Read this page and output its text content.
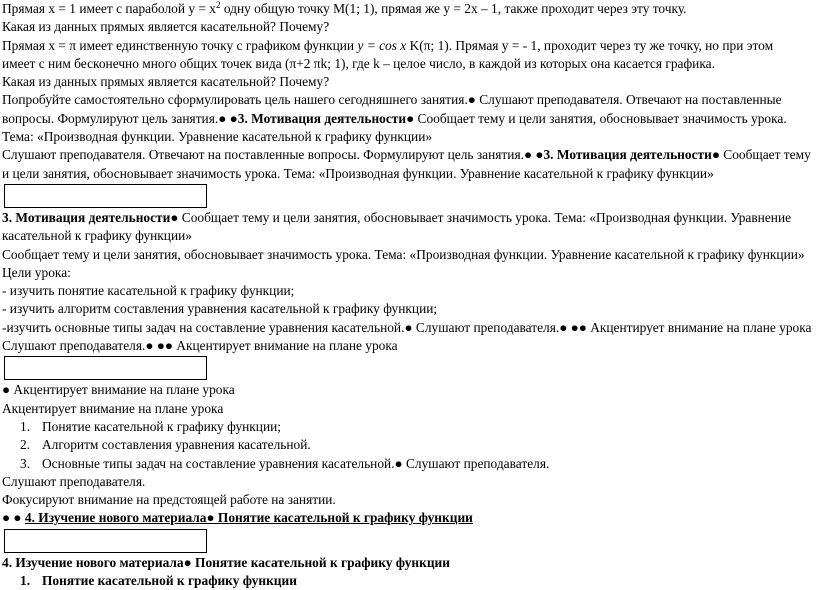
Прямая x = 1 имеет с параболой $y = x^2$ одну общую точку M(1; 1), прямая же y = 2x – 1, также проходит через эту точку.
Какая из данных прямых является касательной? Почему?
Прямая x = π имеет единственную точку с графиком функции y = cos x K(π; 1). Прямая y = - 1, проходит через ту же точку, но при этом
имеет с ним бесконечно много общих точек вида (π+2 πk; 1), где k – целое число, в каждой из которых она касается графика.
Какая из данных прямых является касательной? Почему?
Попробуйте самостоятельно сформулировать цель нашего сегодняшнего занятия.● Слушают преподавателя. Отвечают на поставленные
вопросы. Формулируют цель занятия.● ●3. Мотивация деятельности● Сообщает тему и цели занятия, обосновывает значимость урока.
Тема: «Производная функции. Уравнение касательной к графику функции»
Слушают преподавателя. Отвечают на поставленные вопросы. Формулируют цель занятия.● ●3. Мотивация деятельности● Сообщает тему
и цели занятия, обосновывает значимость урока. Тема: «Производная функции. Уравнение касательной к графику функции»
3. Мотивация деятельности● Сообщает тему и цели занятия, обосновывает значимость урока. Тема: «Производная функции. Уравнение
касательной к графику функции»
Сообщает тему и цели занятия, обосновывает значимость урока. Тема: «Производная функции. Уравнение касательной к графику функции»
Цели урока:
- изучить понятие касательной к графику функции;
- изучить алгоритм составления уравнения касательной к графику функции;
-изучить основные типы задач на составление уравнения касательной.● Слушают преподавателя.● ●● Акцентирует внимание на плане урока
Слушают преподавателя.● ●● Акцентирует внимание на плане урока
● Акцентирует внимание на плане урока
Акцентирует внимание на плане урока
1. Понятие касательной к графику функции;
2. Алгоритм составления уравнения касательной.
3. Основные типы задач на составление уравнения касательной.● Слушают преподавателя.
Слушают преподавателя.
Фокусируют внимание на предстоящей работе на занятии.
● ● 4. Изучение нового материала● Понятие касательной к графику функции
4. Изучение нового материала● Понятие касательной к графику функции
1. Понятие касательной к графику функции
